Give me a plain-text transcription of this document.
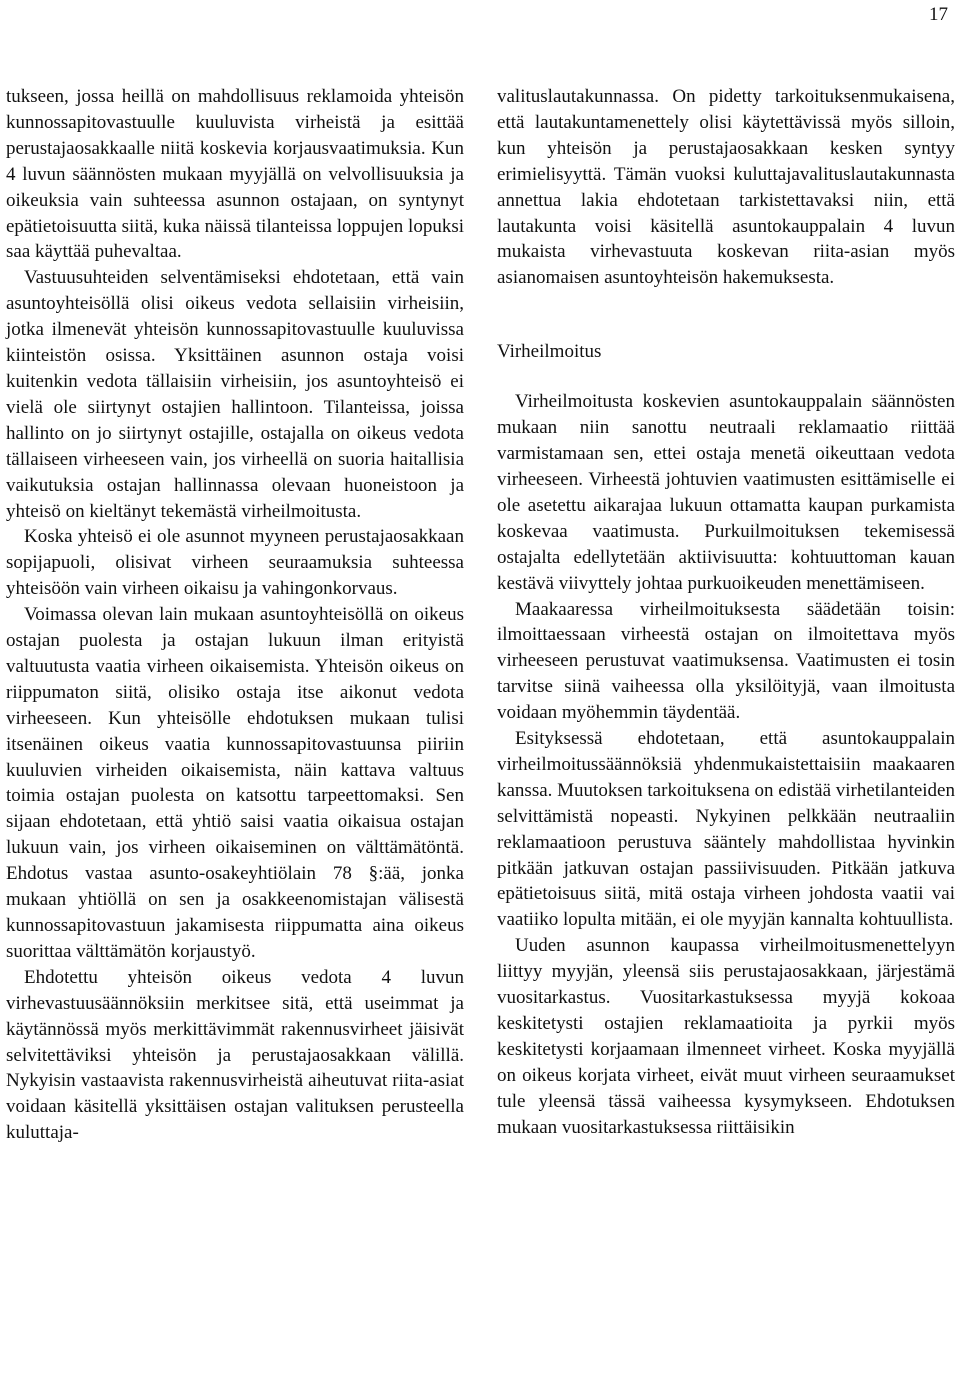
17

tukseen, jossa heillä on mahdollisuus reklamoida yhteisön kunnossapitovastuulle kuuluvista virheistä ja esittää perustajaosakkaalle niitä koskevia korjausvaatimuksia. Kun 4 luvun säännösten mukaan myyjällä on velvollisuuksia ja oikeuksia vain suhteessa asunnon ostajaan, on syntynyt epätietoisuutta siitä, kuka näissä tilanteissa loppujen lopuksi saa käyttää puhevaltaa.

Vastuusuhteiden selventämiseksi ehdotetaan, että vain asuntoyhteisöllä olisi oikeus vedota sellaisiin virheisiin, jotka ilmenevät yhteisön kunnossapitovastuulle kuuluvissa kiinteistön osissa. Yksittäinen asunnon ostaja voisi kuitenkin vedota tällaisiin virheisiin, jos asuntoyhteisö ei vielä ole siirtynyt ostajien hallintoon. Tilanteissa, joissa hallinto on jo siirtynyt ostajille, ostajalla on oikeus vedota tällaiseen virheeseen vain, jos virheellä on suoria haitallisia vaikutuksia ostajan hallinnassa olevaan huoneistoon ja yhteisö on kieltänyt tekemästä virheilmoitusta.

Koska yhteisö ei ole asunnot myyneen perustajaosakkaan sopijapuoli, olisivat virheen seuraamuksia suhteessa yhteisöön vain virheen oikaisu ja vahingonkorvaus.

Voimassa olevan lain mukaan asuntoyhteisöllä on oikeus ostajan puolesta ja ostajan lukuun ilman erityistä valtuutusta vaatia virheen oikaisemista. Yhteisön oikeus on riippumaton siitä, olisiko ostaja itse aikonut vedota virheeseen. Kun yhteisölle ehdotuksen mukaan tulisi itsenäinen oikeus vaatia kunnossapitovastuunsa piiriin kuuluvien virheiden oikaisemista, näin kattava valtuus toimia ostajan puolesta on katsottu tarpeettomaksi. Sen sijaan ehdotetaan, että yhtiö saisi vaatia oikaisua ostajan lukuun vain, jos virheen oikaiseminen on välttämätöntä. Ehdotus vastaa asunto-osakeyhtiölain 78 §:ää, jonka mukaan yhtiöllä on sen ja osakkeenomistajan välisestä kunnossapitovastuun jakamisesta riippumatta aina oikeus suorittaa välttämätön korjaustyö.

Ehdotettu yhteisön oikeus vedota 4 luvun virhevastuusäännöksiin merkitsee sitä, että useimmat ja käytännössä myös merkittävimmät rakennusvirheet jäisivät selvitettäviksi yhteisön ja perustajaosakkaan välillä. Nykyisin vastaavista rakennusvirheistä aiheutuvat riita-asiat voidaan käsitellä yksittäisen ostajan valituksen perusteella kuluttaja-

valituslautakunnassa. On pidetty tarkoituksenmukaisena, että lautakuntamenettely olisi käytettävissä myös silloin, kun yhteisön ja perustajaosakkaan kesken syntyy erimielisyyttä. Tämän vuoksi kuluttajavalituslautakunnasta annettua lakia ehdotetaan tarkistettavaksi niin, että lautakunta voisi käsitellä asuntokauppalain 4 luvun mukaista virhevastuuta koskevan riita-asian myös asianomaisen asuntoyhteisön hakemuksesta.

Virheilmoitus

Virheilmoitusta koskevien asuntokauppalain säännösten mukaan niin sanottu neutraali reklamaatio riittää varmistamaan sen, ettei ostaja menetä oikeuttaan vedota virheeseen. Virheestä johtuvien vaatimusten esittämiselle ei ole asetettu aikarajaa lukuun ottamatta kaupan purkamista koskevaa vaatimusta. Purkuilmoituksen tekemisessä ostajalta edellytetään aktiivisuutta: kohtuuttoman kauan kestävä viivyttely johtaa purkuoikeuden menettämiseen.

Maakaaressa virheilmoituksesta säädetään toisin: ilmoittaessaan virheestä ostajan on ilmoitettava myös virheeseen perustuvat vaatimuksensa. Vaatimusten ei tosin tarvitse siinä vaiheessa olla yksilöityjä, vaan ilmoitusta voidaan myöhemmin täydentää.

Esityksessä ehdotetaan, että asuntokauppalain virheilmoitussäännöksiä yhdenmukaistettaisiin maakaaren kanssa. Muutoksen tarkoituksena on edistää virhetilanteiden selvittämistä nopeasti. Nykyinen pelkkään neutraaliin reklamaatioon perustuva sääntely mahdollistaa hyvinkin pitkään jatkuvan ostajan passiivisuuden. Pitkään jatkuva epätietoisuus siitä, mitä ostaja virheen johdosta vaatii vai vaatiiko lopulta mitään, ei ole myyjän kannalta kohtuullista.

Uuden asunnon kaupassa virheilmoitusmenettelyyn liittyy myyjän, yleensä siis perustajaosakkaan, järjestämä vuositarkastus. Vuositarkastuksessa myyjä kokoaa keskitetysti ostajien reklamaatioita ja pyrkii myös keskitetysti korjaamaan ilmenneet virheet. Koska myyjällä on oikeus korjata virheet, eivät muut virheen seuraamukset tule yleensä tässä vaiheessa kysymykseen. Ehdotuksen mukaan vuositarkastuksessa riittäisikin
